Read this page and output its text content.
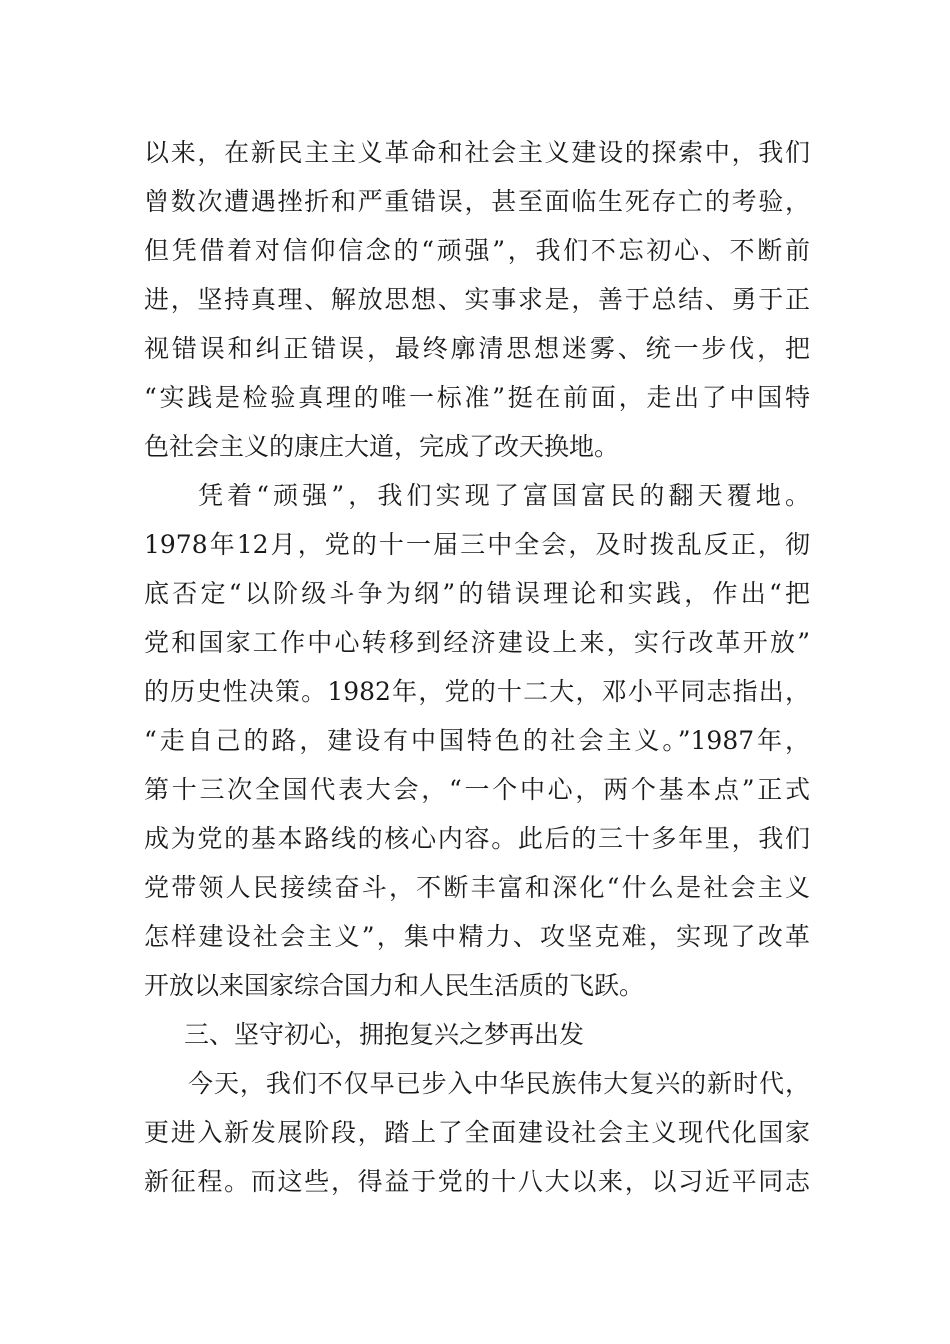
以来，在新民主主义革命和社会主义建设的探索中，我们
曾数次遭遇挫折和严重错误，甚至面临生死存亡的考验，
但凭借着对信仰信念的“顽强”，我们不忘初心、不断前
进，坚持真理、解放思想、实事求是，善于总结、勇于正
视错误和纠正错误，最终廓清思想迷雾、统一步伐，把
“实践是检验真理的唯一标准”挺在前面，走出了中国特
色社会主义的康庄大道，完成了改天换地。
凭着“顽强”，我们实现了富国富民的翻天覆地。
1978年12月，党的十一届三中全会，及时拨乱反正，彻
底否定“以阶级斗争为纲”的错误理论和实践，作出“把
党和国家工作中心转移到经济建设上来，实行改革开放”
的历史性决策。1982年，党的十二大，邓小平同志指出，
“走自己的路，建设有中国特色的社会主义。”1987年，
第十三次全国代表大会，“一个中心，两个基本点”正式
成为党的基本路线的核心内容。此后的三十多年里，我们
党带领人民接续奋斗，不断丰富和深化“什么是社会主义
怎样建设社会主义”，集中精力、攻坚克难，实现了改革
开放以来国家综合国力和人民生活质的飞跃。
三、坚守初心，拥抱复兴之梦再出发
今天，我们不仅早已步入中华民族伟大复兴的新时代，
更进入新发展阶段，踏上了全面建设社会主义现代化国家
新征程。而这些，得益于党的十八大以来，以习近平同志
